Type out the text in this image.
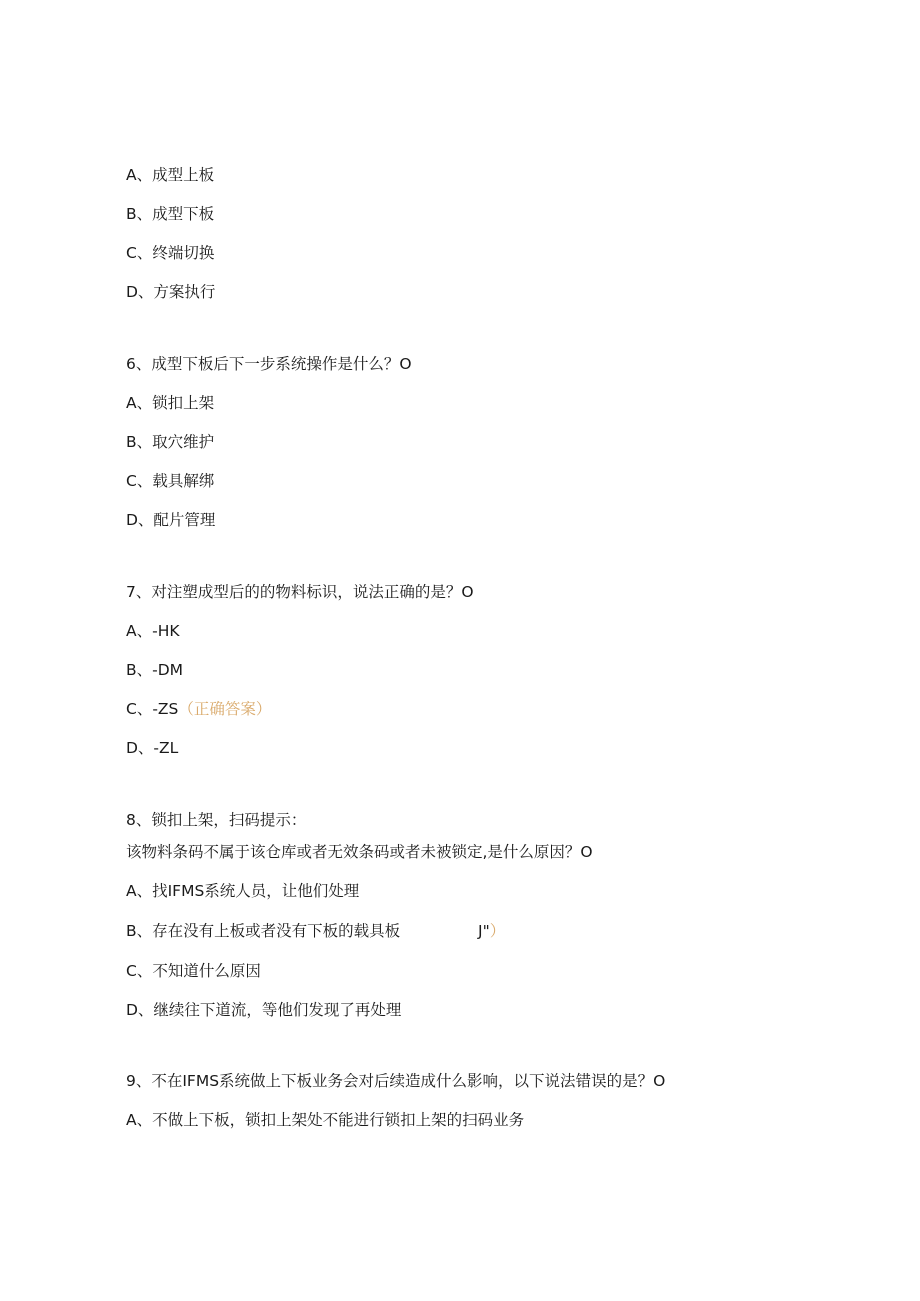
A、成型上板
B、成型下板
C、终端切换
D、方案执行
6、成型下板后下一步系统操作是什么？O
A、锁扣上架
B、取穴维护
C、载具解绑
D、配片管理
7、对注塑成型后的的物料标识，说法正确的是？O
A、-HK
B、-DM
C、-ZS（正确答案）
D、-ZL
8、锁扣上架，扫码提示：
该物料条码不属于该仓库或者无效条码或者未被锁定,是什么原因？O
A、找IFMS系统人员，让他们处理
B、存在没有上板或者没有下板的载具板	J"）
C、不知道什么原因
D、继续往下道流，等他们发现了再处理
9、不在IFMS系统做上下板业务会对后续造成什么影响，以下说法错误的是？O
A、不做上下板，锁扣上架处不能进行锁扣上架的扫码业务
